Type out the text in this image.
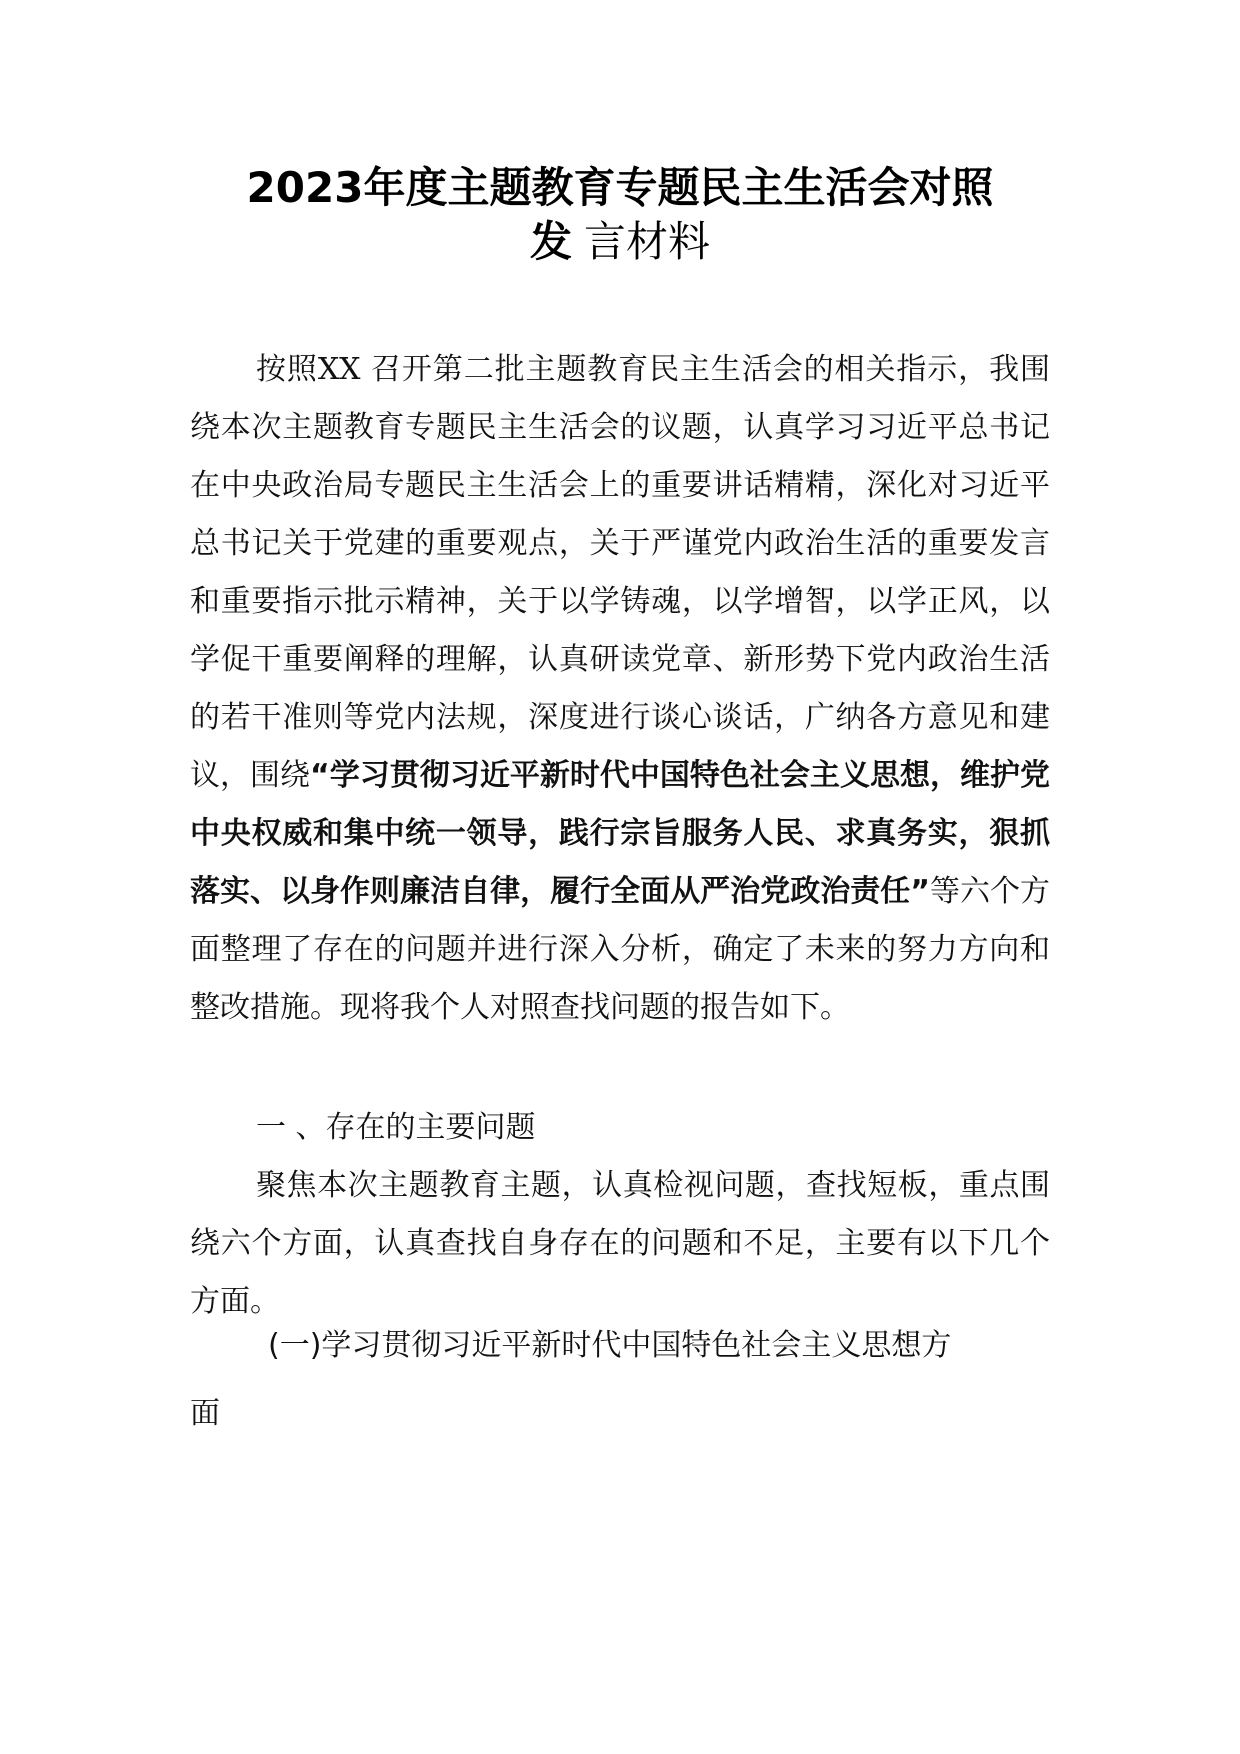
2023年度主题教育专题民主生活会对照
发 言材料
按照XX 召开第二批主题教育民主生活会的相关指示，我围绕本次主题教育专题民主生活会的议题，认真学习习近平总书记在中央政治局专题民主生活会上的重要讲话精精，深化对习近平总书记关于党建的重要观点，关于严谨党内政治生活的重要发言和重要指示批示精神，关于以学铸魂，以学增智，以学正风，以学促干重要阐释的理解，认真研读党章、新形势下党内政治生活的若干准则等党内法规，深度进行谈心谈话，广纳各方意见和建议，围绕“学习贯彻习近平新时代中国特色社会主义思想，维护党中央权威和集中统一领导，践行宗旨服务人民、求真务实，狠抓落实、以身作则廉洁自律，履行全面从严治党政治责任”等六个方面整理了存在的问题并进行深入分析，确定了未来的努力方向和整改措施。现将我个人对照查找问题的报告如下。
一 、存在的主要问题
聚焦本次主题教育主题，认真检视问题，查找短板，重点围绕六个方面，认真查找自身存在的问题和不足，主要有以下几个方面。
(一)学习贯彻习近平新时代中国特色社会主义思想方
面
